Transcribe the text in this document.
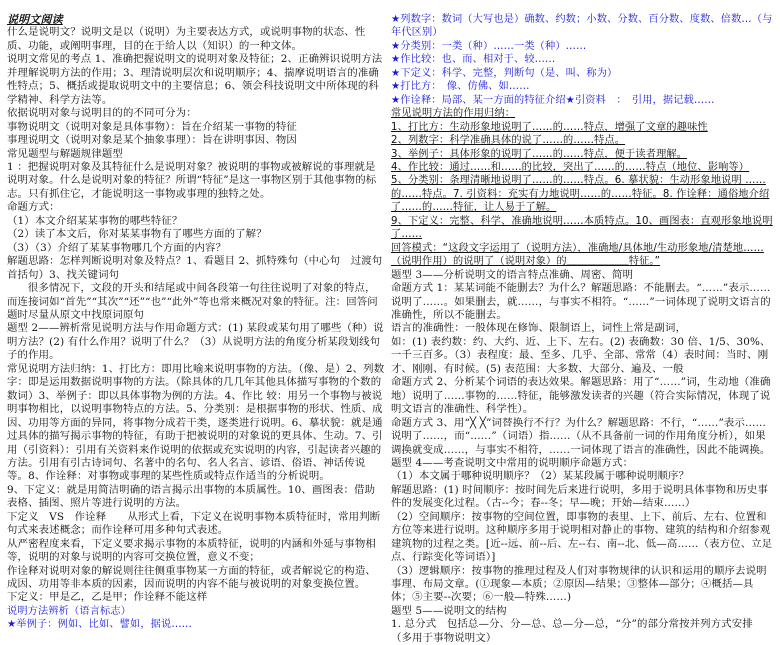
说明文阅读

什么是说明文？说明文是以（说明）为主要表达方式，或说明事物的状态、性质、功能，或阐明事理，目的在于给人以（知识）的一种文体。

说明文常见的考点 1、准确把握说明文的说明对象及特征；2、正确辨识说明方法并理解说明方法的作用；3、理清说明层次和说明顺序；4、揣摩说明语言的准确性特点；5、概括或提取说明文中的主要信息；6、领会科技说明文中所体现的科学精神、科学方法等。

依据说明对象与说明目的的不同可分为：

事物说明文（说明对象是具体事物）：旨在介绍某一事物的特征

事理说明文（说明对象是某个抽象事理）：旨在讲明事因、物因

常见题型与解题规律题型

1 ：把握说明对象及其特征什么是说明对象？被说明的事物或被解说的事理就是说明对象。什么是说明对象的特征？所谓“特征”是这一事物区别于其他事物的标志。只有抓住它，才能说明这一事物或事理的独特之处。

命题方式：

（1）本文介绍某某事物的哪些特征？

（2）读了本文后，你对某某事物有了哪些方面的了解？

（3）（3）介绍了某某事物哪几个方面的内容？

解题思路：怎样判断说明对象及特点？1、看题目 2、抓特殊句（中心句　过渡句　首括句）3、找关键词句

很多情况下，文段的开头和结尾或中间各段第一句往往说明了对象的特点，而连接词如“首先”“其次”“还”“也”“此外”等也常来概况对象的特征。注：回答问题时尽量从原文中找原词原句

题型 2——辨析常见说明方法与作用命题方式：(1) 某段或某句用了哪些（种）说明方法？(2) 有什么作用？说明了什么？（3）从说明方法的角度分析某段划线句子的作用。

常见说明方法归纳：1、打比方：即用比喻来说明事物的方法。（像、是）2、列数字：即是运用数据说明事物的方法。（除具体的几几年其他具体描写事物的个数的数词）3、举例子：即以具体事物为例的方法。4、作比 较：用另一个事物与被说明事物相比，以说明事物特点的方法。5、分类别：是根据事物的形状、性质、成因、功用等方面的异同，将事物分成若干类，逐类进行说明。6、摹状貌：就是通过具体的描写揭示事物的特征，有助于把被说明的对象说的更具体、生动。7、引用（引资料）：引用有关资料来作说明的依据或充实说明的内容，引起读者兴趣的方法。引用有引古诗词句、名著中的名句、名人名言、谚语、俗语、神话传说等。8、作诠释：对事物或事理的某些性质或特点作适当的分析说明。

9、下定义：就是用简洁明确的语言揭示出事物的本质属性。10、画图表：借助表格、插图、照片等进行说明的方法。

下定义　VS　作诠释　　从形式上看，下定义在说明事物本质特征时，常用判断句式来表述概念；而作诠释可用多种句式表述。

从严密程度来看，下定义要求揭示事物的本质特征，说明的内涵和外延与事物相等，说明的对象与说明的内容可交换位置，意义不变；

作诠释对说明对象的解说则往往侧重事物某一方面的特征，或者解说它的构造、成因、功用等非本质的因素，因而说明的内容不能与被说明的对象变换位置。

下定义：甲是乙，乙是甲；作诠释不能这样

说明方法辨析（语言标志）

★举例子：例如、比如、譬如，据说……

★列数字：数词（大写也是）确数、约数；小数、分数、百分数、度数、倍数…（与年代区别）

★分类别：一类（种）……一类（种）……

★作比较：也、而、相对于、较……

★下定义：科学、完整，判断句（是、叫、称为）

★打比方：　像、仿佛、如……

★作诠释：局部、某一方面的特征介绍★引资料　：　引用，据记载……

常见说明方法的作用归纳：

1、打比方：生动形象地说明了……的……特点，增强了文章的趣味性

2、列数字：科学准确具体的说了……的……特点。

3、举例子：具体形象的说明了……的……特点，便于读者理解。

4、作比较：通过……和……的比较，突出了……的……特点（地位、影响等）

5、分类别：条理清晰地说明了……的……特点。6. 摹状貌：生动形象地说明 ……的……特点。7. 引资料：充实有力地说明……的……特征。8. 作诠释：通俗地介绍了……的……特征，让人易于了解。

9、下定义：完整、科学、准确地说明……本质特点。10、画图表：直观形象地说明了……

回答模式：“这段文字运用了（说明方法），准确地/具体地/生动形象地/清楚地……（说明作用）的说明了（说明对象）的＿＿＿＿＿＿特征。”

题型 3——分析说明文的语言特点准确、周密、简明

命题方式 1：某某词能不能删去？为什么？解题思路：不能删去。“……”表示……说明了……。如果删去，就……，与事实不相符。“……”一词体现了说明文语言的准确性，所以不能删去。

语言的准确性：一般体现在修饰、限制语上，词性上常是副词，

如：(1) 表约数：约、大约、近、上下、左右。(2) 表确数：30 倍、1/5、30%、一千三百多。（3）表程度：最、至多、几乎、全部、常常（4）表时间：当时、刚才、刚刚、有时候。(5) 表范围：大多数、大部分、遍及、一般

命题方式 2、分析某个词语的表达效果。解题思路：用了“……”词，生动地（准确地）说明了……事物的……特征，能够激发读者的兴趣（符合实际情况，体现了说明文语言的准确性、科学性）。

命题方式 3、用“╳ ╳”词替换行不行？为什么？解题思路：不行，“……”表示……说明了……，而“……”（词语）指……（从不具备前一词的作用角度分析），如果调换就变成……，与事实不相符，……一词体现了语言的准确性，因此不能调换。

题型 4——考查说明文中常用的说明顺序命题方式：

（1）本文属于哪种说明顺序？（2）某某段属于哪种说明顺序？

解题思路：(1) 时间顺序：按时间先后来进行说明，多用于说明具体事物和历史事件的发展变化过程。（古--今；春--冬；早—晚；开始—结束……）

（2）空间顺序：按事物的空间位置，即事物的表里、上下、前后、左右、位置和方位等来进行说明。这种顺序多用于说明相对静止的事物、建筑的结构和介绍参观建筑物的过程之类。[近--远、前--后、左--右、南--北、低—高……（表方位、立足点、行踪变化等词语）]

（3）逻辑顺序：按事物的推理过程及人们对事物规律的认识和运用的顺序去说明事理、布局文章。(①现象—本质；②原因—结果；③整体—部分；④概括—具体；⑤主要--次要；⑥一般—特殊……)

题型 5——说明文的结构

1. 总分式　包括总—分、分—总、总—分—总，“分”的部分常按并列方式安排（多用于事物说明文）
